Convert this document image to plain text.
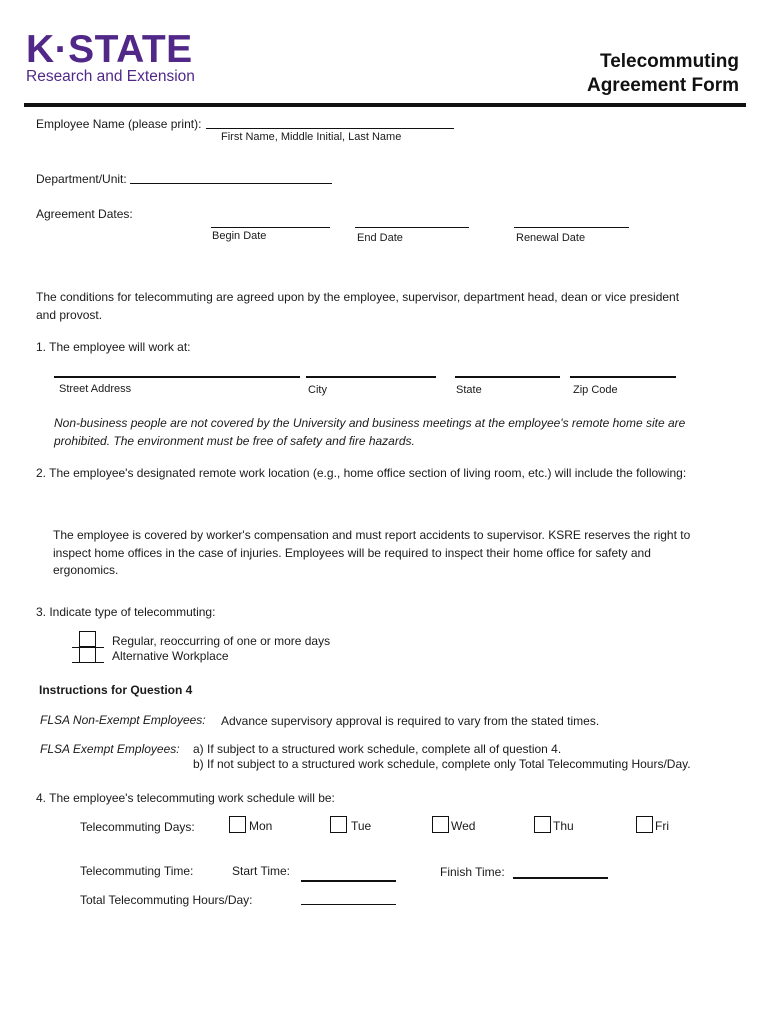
K·STATE
Research and Extension
Telecommuting
Agreement Form
Employee Name (please print):
First Name, Middle Initial, Last Name
Department/Unit:
Agreement Dates:
Begin Date	End Date	Renewal Date
The conditions for telecommuting are agreed upon by the employee, supervisor, department head, dean or vice president
and provost.
1. The employee will work at:
Street Address	City	State	Zip Code
Non-business people are not covered by the University and business meetings at the employee's remote home site are
prohibited. The environment must be free of safety and fire hazards.
2. The employee's designated remote work location (e.g., home office section of living room, etc.) will include the following:
The employee is covered by worker's compensation and must report accidents to supervisor. KSRE reserves the right to
inspect home offices in the case of injuries. Employees will be required to inspect their home office for safety and
ergonomics.
3. Indicate type of telecommuting:
Regular, reoccurring of one or more days
Alternative Workplace
Instructions for Question 4
FLSA Non-Exempt Employees: Advance supervisory approval is required to vary from the stated times.
FLSA Exempt Employees: a) If subject to a structured work schedule, complete all of question 4.
b) If not subject to a structured work schedule, complete only Total Telecommuting Hours/Day.
4. The employee's telecommuting work schedule will be:
Telecommuting Days:	Mon	Tue	Wed	Thu	Fri
Telecommuting Time:	Start Time:	Finish Time:
Total Telecommuting Hours/Day:
